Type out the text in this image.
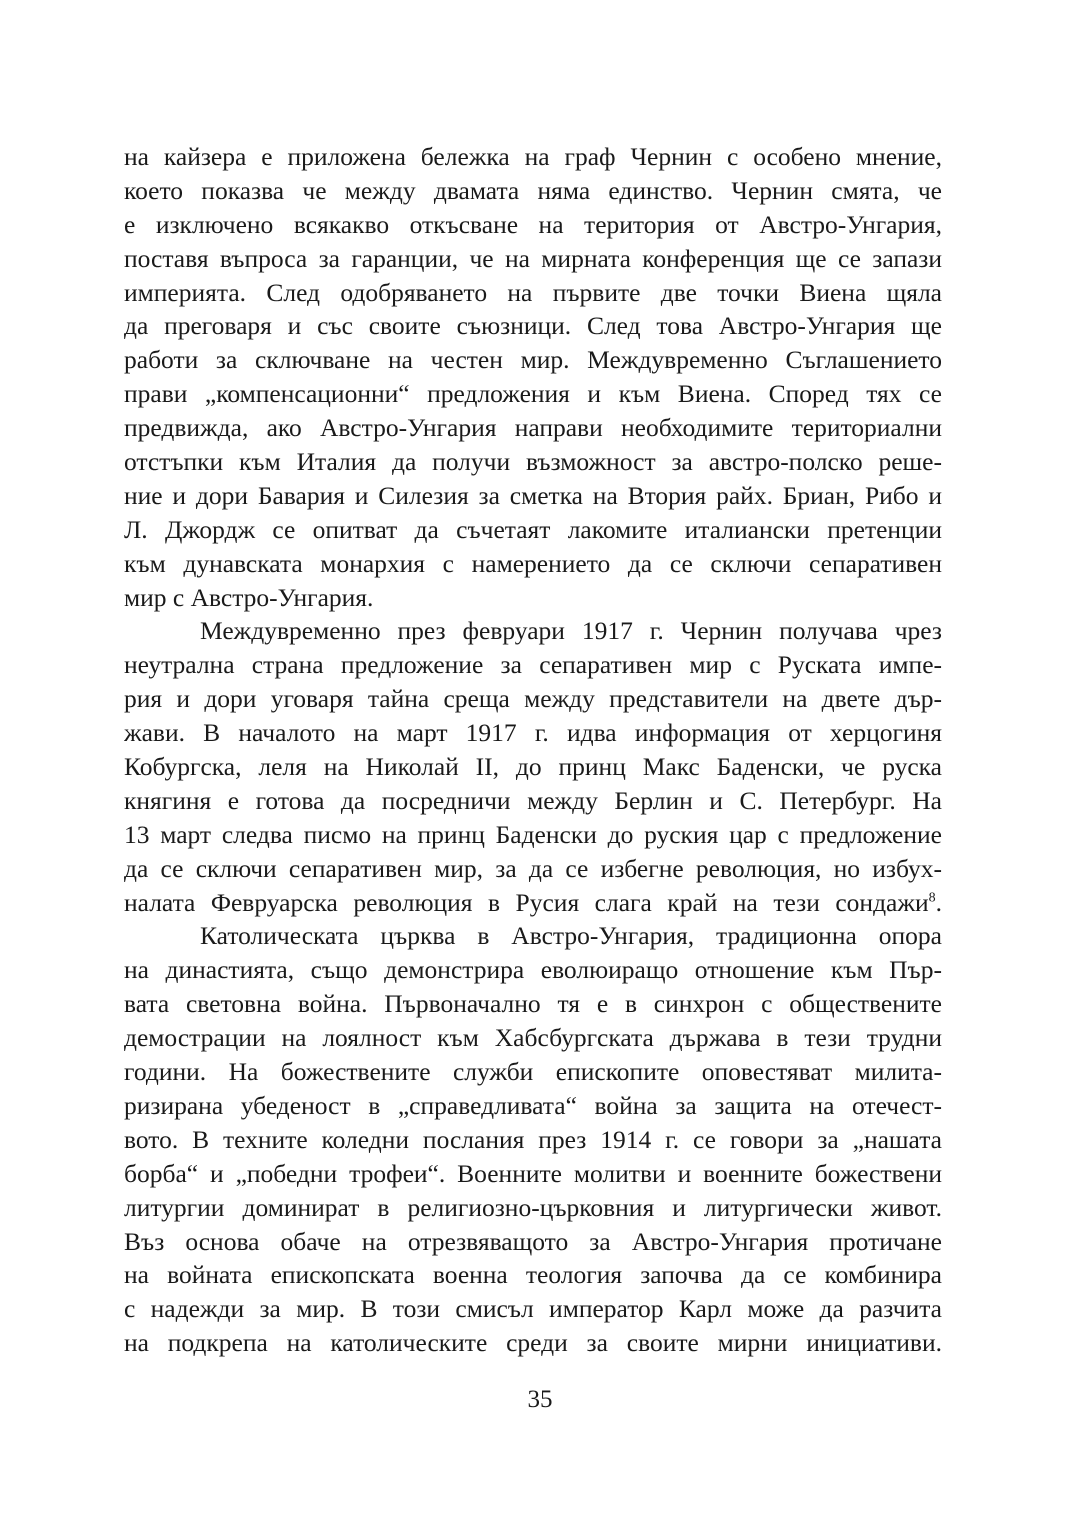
на кайзера е приложена бележка на граф Чернин с особено мнение,
което показва че между двамата няма единство. Чернин смята, че
е изключено всякакво откъсване на територия от Австро-Унгария,
поставя въпроса за гаранции, че на мирната конференция ще се запази
империята. След одобряването на първите две точки Виена щяла
да преговаря и със своите съюзници. След това Австро-Унгария ще
работи за сключване на честен мир. Междувременно Съглашението
прави „компенсационни“ предложения и към Виена. Според тях се
предвижда, ако Австро-Унгария направи необходимите териториални
отстъпки към Италия да получи възможност за австро-полско реше-
ние и дори Бавария и Силезия за сметка на Втория райх. Бриан, Рибо и
Л. Джордж се опитват да съчетаят лакомите италиански претенции
към дунавската монархия с намерението да се сключи сепаративен
мир с Австро-Унгария.
Междувременно през февруари 1917 г. Чернин получава чрез
неутрална страна предложение за сепаративен мир с Руската импе-
рия и дори уговаря тайна среща между представители на двете дър-
жави. В началото на март 1917 г. идва информация от херцогиня
Кобургска, леля на Николай II, до принц Макс Баденски, че руска
княгиня е готова да посредничи между Берлин и С. Петербург. На
13 март следва писмо на принц Баденски до руския цар с предложение
да се сключи сепаративен мир, за да се избегне революция, но избух-
налата Февруарска революция в Русия слага край на тези сондажи$^8$.
Католическата църква в Австро-Унгария, традиционна опора
на династията, също демонстрира еволюиращо отношение към Пър-
вата световна война. Първоначално тя е в синхрон с обществените
демострации на лоялност към Хабсбургската държава в тези трудни
години. На божествените служби епископите оповестяват милита-
ризирана убеденост в „справедливата“ война за защита на отечест-
вото. В техните коледни послания през 1914 г. се говори за „нашата
борба“ и „победни трофеи“. Военните молитви и военните божествени
литургии доминират в религиозно-църковния и литургически живот.
Въз основа обаче на отрезвяващото за Австро-Унгария протичане
на войната епископската военна теология започва да се комбинира
с надежди за мир. В този смисъл император Карл може да разчита
на подкрепа на католическите среди за своите мирни инициативи.
35
